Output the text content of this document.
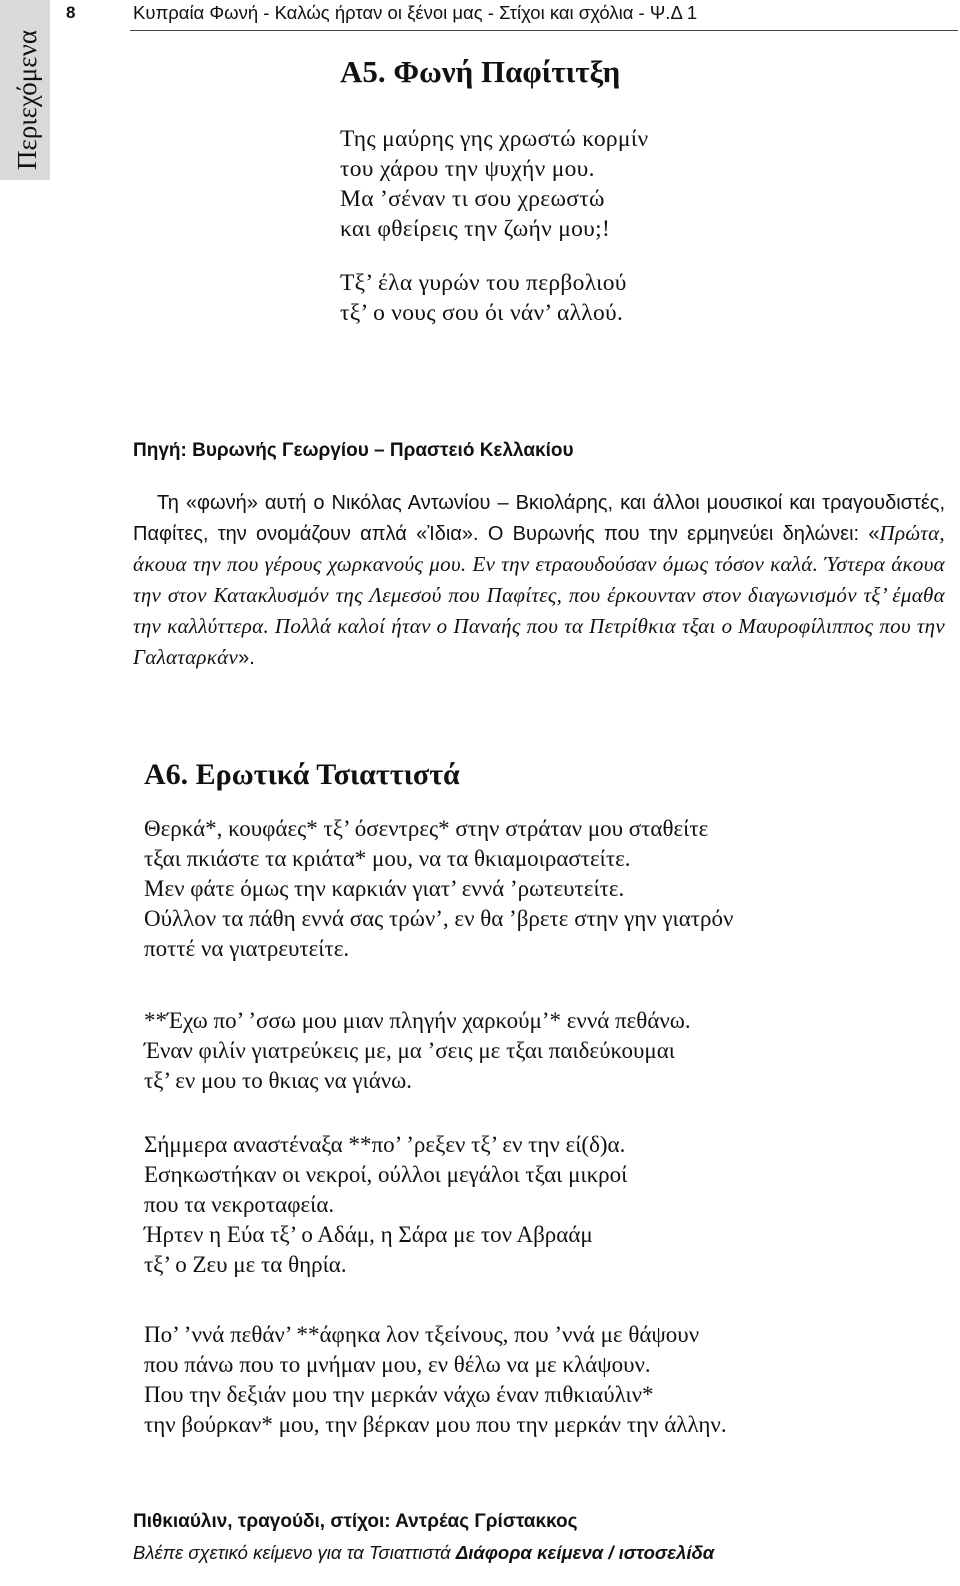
Περιεχόμενα
8	Κυπραία Φωνή - Καλώς ήρταν οι ξένοι μας - Στίχοι και σχόλια - Ψ.Δ 1
Α5. Φωνή Παφίτιτξη
Της μαύρης γης χρωστώ κορμίν
του χάρου την ψυχήν μου.
Μα ’σέναν τι σου χρεωστώ
και φθείρεις την ζωήν μου;!
Τξ’ έλα γυρών του περβολιού
τξ’ ο νους σου όι νάν’ αλλού.
Πηγή: Βυρωνής Γεωργίου – Πραστειό Κελλακίου

Τη «φωνή» αυτή ο Νικόλας Αντωνίου – Βκιολάρης, και άλλοι μουσικοί και τραγουδιστές, Παφίτες, την ονομάζουν απλά «Ἰδια». Ο Βυρωνής που την ερμηνεύει δηλώνει: «Πρώτα, άκουα την που γέρους χωρκανούς μου. Εν την ετραουδούσαν όμως τόσον καλά. Ύστερα άκουα την στον Κατακλυσμόν της Λεμεσού που Παφίτες, που έρκουνταν στον διαγωνισμόν τξ’ έμαθα την καλλύττερα. Πολλά καλοί ήταν ο Παναής που τα Πετρίθκια τξαι ο Μαυροφίλιππος που την Γαλαταρκάν».

Α6. Ερωτικά Τσιαττιστά
Θερκά*, κουφάες* τξ’ όσεντρες* στην στράταν μου σταθείτε
τξαι πκιάστε τα κριάτα* μου, να τα θκιαμοιραστείτε.
Μεν φάτε όμως την καρκιάν γιατ’ εννά ’ρωτευτείτε.
Ούλλον τα πάθη εννά σας τρών’, εν θα ’βρετε στην γην γιατρόν
ποττέ να γιατρευτείτε.
**Έχω πο’ ’σσω μου μιαν πληγήν χαρκούμ’* εννά πεθάνω.
Έναν φιλίν γιατρεύκεις με, μα ’σεις με τξαι παιδεύκουμαι
τξ’ εν μου το θκιας να γιάνω.
Σήμμερα αναστέναξα **πο’ ’ρεξεν τξ’ εν την εί(δ)α.
Εσηκωστήκαν οι νεκροί, ούλλοι μεγάλοι τξαι μικροί
που τα νεκροταφεία.
Ήρτεν η Εύα τξ’ ο Αδάμ, η Σάρα με τον Αβραάμ
τξ’ ο Ζευ με τα θηρία.
Πο’ ’ννά πεθάν’ **άφηκα λον τξείνους, που ’ννά με θάψουν
που πάνω που το μνήμαν μου, εν θέλω να με κλάψουν.
Που την δεξιάν μου την μερκάν νάχω έναν πιθκιαύλιν*
την βούρκαν* μου, την βέρκαν μου που την μερκάν την άλλην.
Πιθκιαύλιν, τραγούδι, στίχοι: Αντρέας Γρίστακκος
Βλέπε σχετικό κείμενο για τα Τσιαττιστά Διάφορα κείμενα / ιστοσελίδα
